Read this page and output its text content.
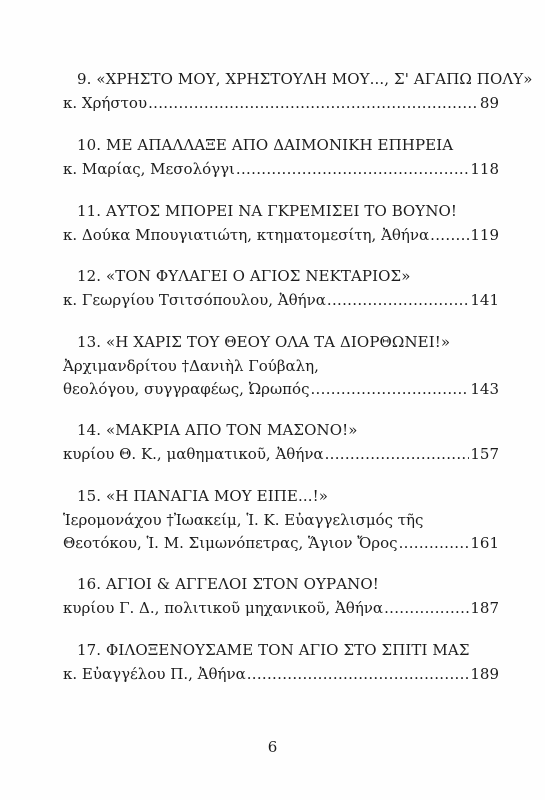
9. «ΧΡΗΣΤΟ ΜΟΥ, ΧΡΗΣΤΟΥΛΗ ΜΟΥ..., Σ' ΑΓΑΠΩ ΠΟΛΥ»
κ. Χρήστου .....	89
10. ΜΕ ΑΠΑΛΛΑΞΕ ΑΠΟ ΔΑΙΜΟΝΙΚΗ ΕΠΗΡΕΙΑ
κ. Μαρίας, Μεσολόγγι .....	118
11. ΑΥΤΟΣ ΜΠΟΡΕΙ ΝΑ ΓΚΡΕΜΙΣΕΙ ΤΟ ΒΟΥΝΟ!
κ. Δούκα Μπουγιατιώτη, κτηματομεσίτη, Ἀθήνα .....	119
12. «ΤΟΝ ΦΥΛΑΓΕΙ Ο ΑΓΙΟΣ ΝΕΚΤΑΡΙΟΣ»
κ. Γεωργίου Τσιτσόπουλου, Ἀθήνα .....	141
13. «Η ΧΑΡΙΣ ΤΟΥ ΘΕΟΥ ΟΛΑ ΤΑ ΔΙΟΡΘΩΝΕΙ!»
Ἀρχιμανδρίτου †Δανιὴλ Γούβαλη,
θεολόγου, συγγραφέως, Ὠρωπός .....	143
14. «ΜΑΚΡΙΑ ΑΠΟ ΤΟΝ ΜΑΣΟΝΟ!»
κυρίου Θ. Κ., μαθηματικοῦ, Ἀθήνα .....	157
15. «Η ΠΑΝΑΓΙΑ ΜΟΥ ΕΙΠΕ...!»
Ἱερομονάχου †Ἰωακείμ, Ἱ. Κ. Εὐαγγελισμός τῆς
Θεοτόκου, Ἱ. Μ. Σιμωνόπετρας, Ἅγιον Ὄρος .....	161
16. ΑΓΙΟΙ & ΑΓΓΕΛΟΙ ΣΤΟΝ ΟΥΡΑΝΟ!
κυρίου Γ. Δ., πολιτικοῦ μηχανικοῦ, Ἀθήνα .....	187
17. ΦΙΛΟΞΕΝΟΥΣΑΜΕ ΤΟΝ ΑΓΙΟ ΣΤΟ ΣΠΙΤΙ ΜΑΣ
κ. Εὐαγγέλου Π., Ἀθήνα .....	189
6
